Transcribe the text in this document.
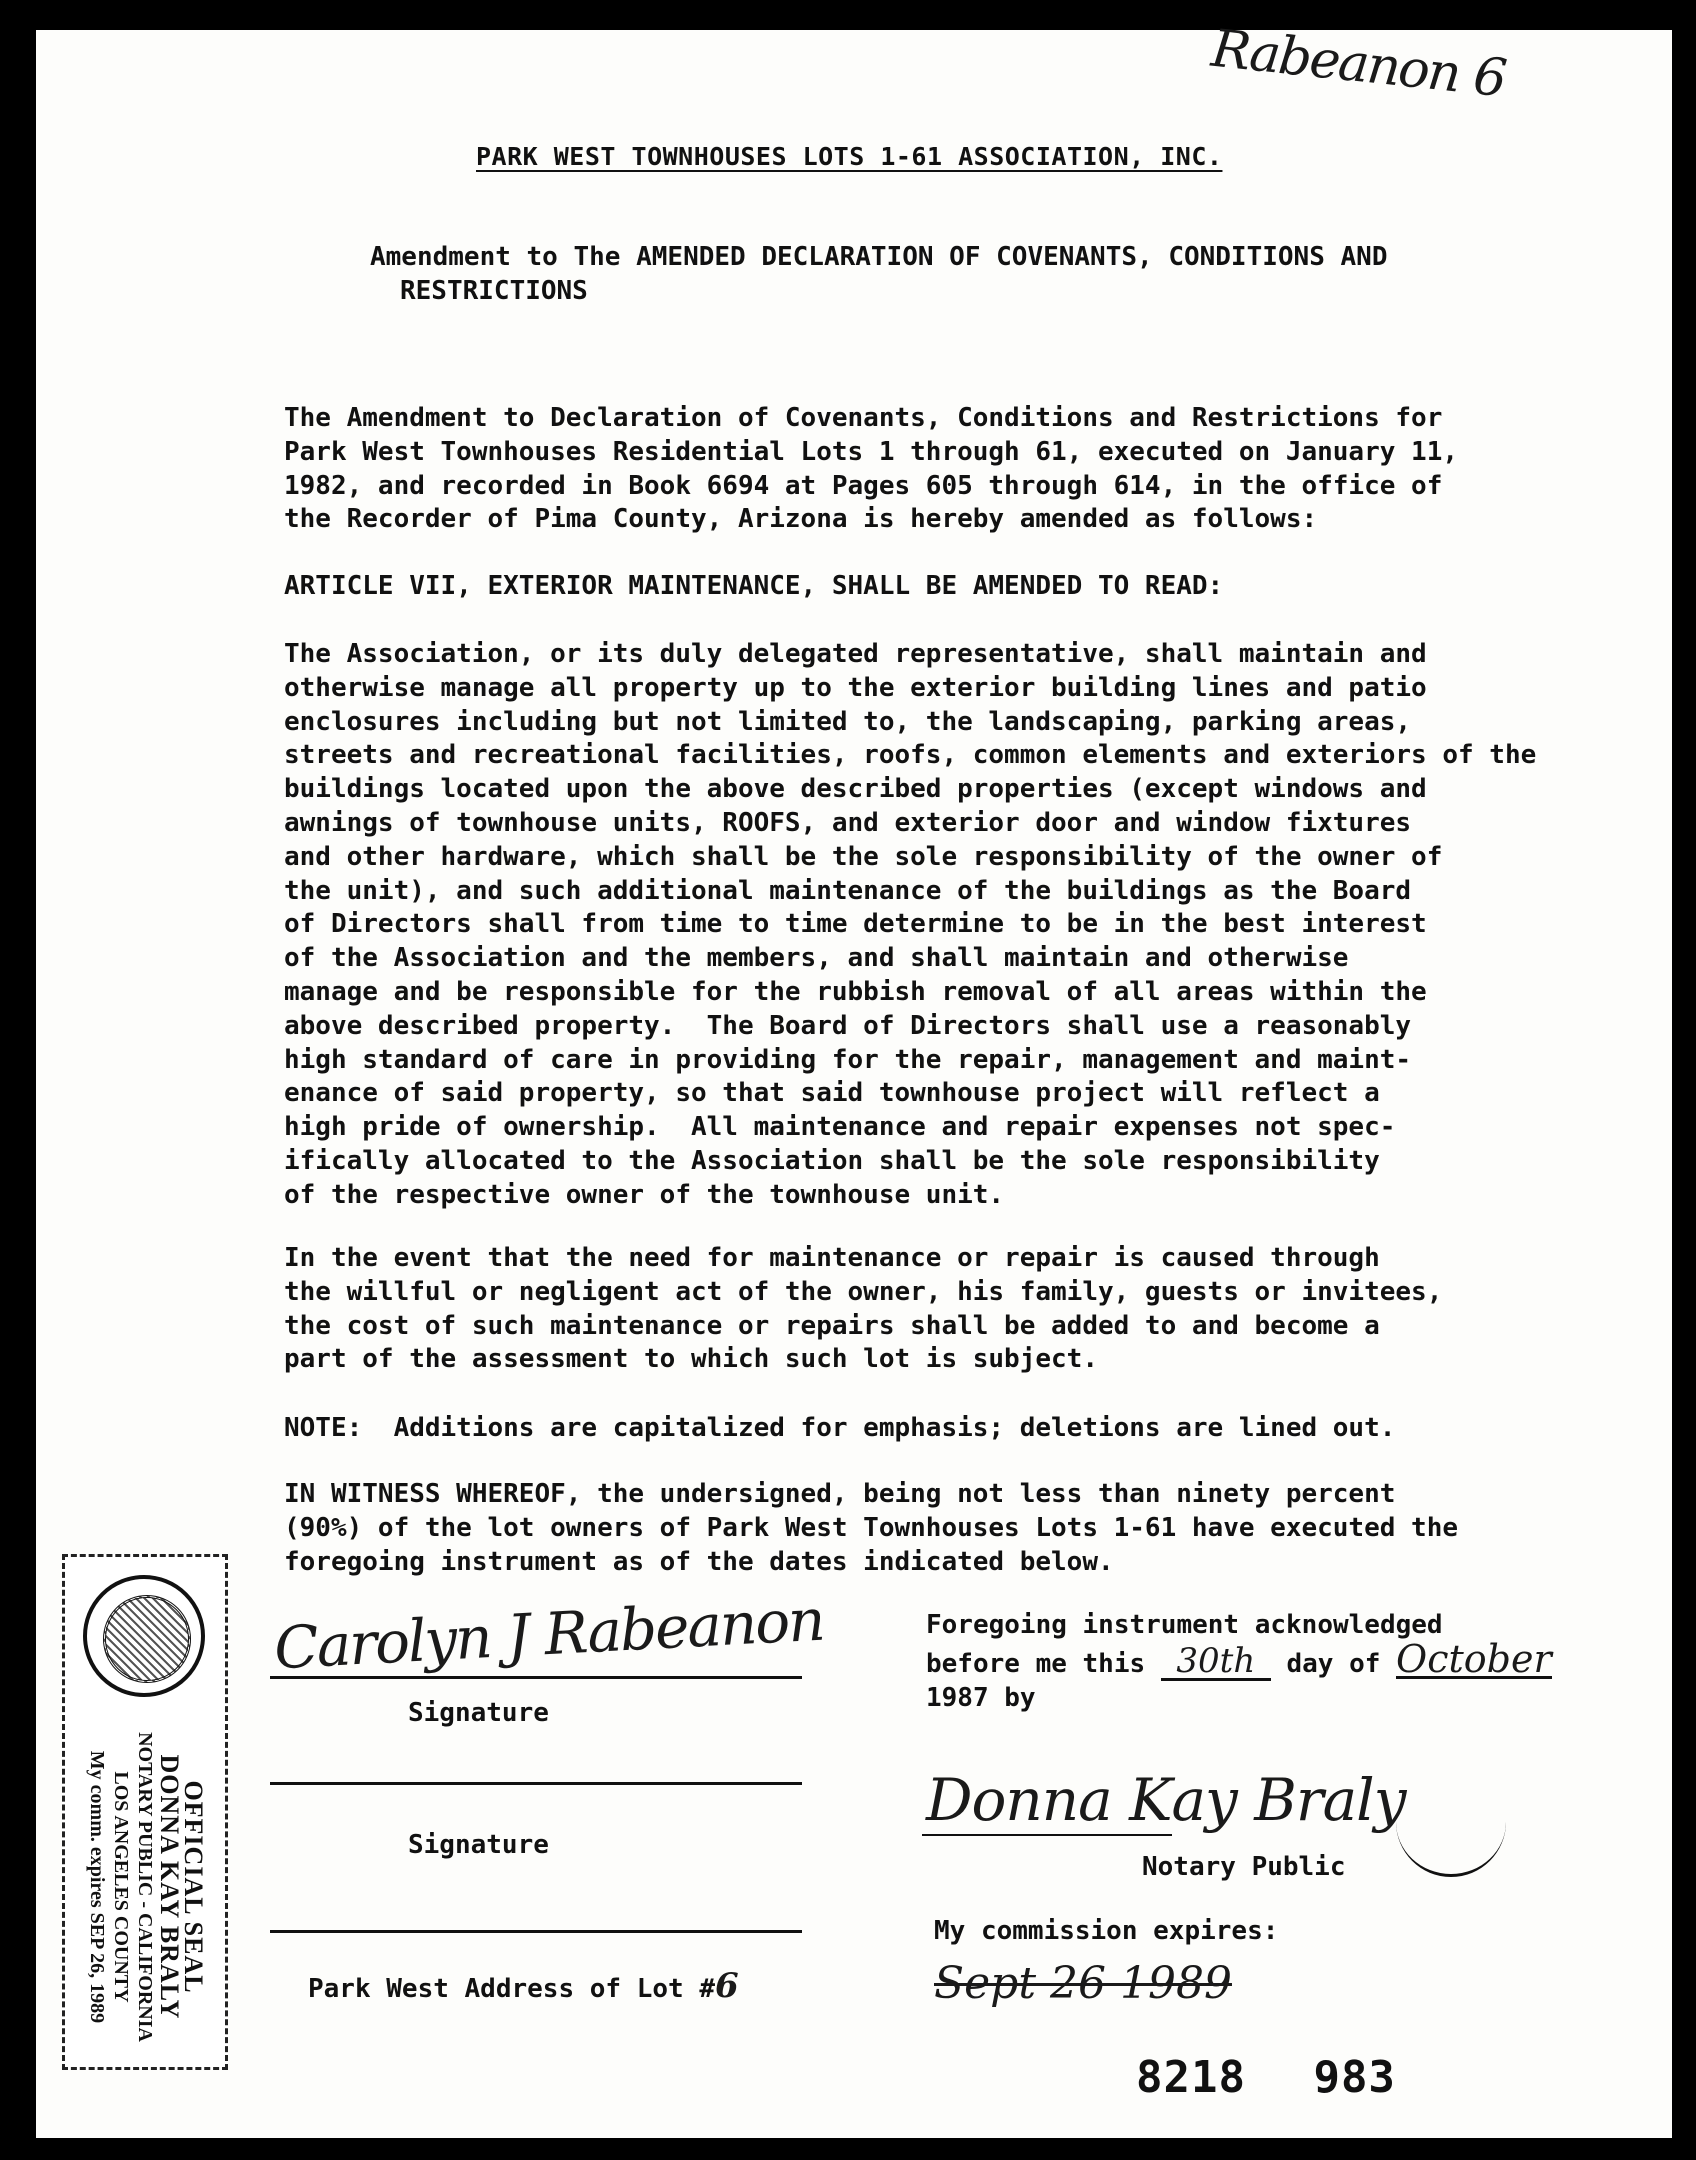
Rabeanon 6
PARK WEST TOWNHOUSES LOTS 1-61 ASSOCIATION, INC.
Amendment to The AMENDED DECLARATION OF COVENANTS, CONDITIONS AND
RESTRICTIONS
The Amendment to Declaration of Covenants, Conditions and Restrictions for
Park West Townhouses Residential Lots 1 through 61, executed on January 11,
1982, and recorded in Book 6694 at Pages 605 through 614, in the office of
the Recorder of Pima County, Arizona is hereby amended as follows:
ARTICLE VII, EXTERIOR MAINTENANCE, SHALL BE AMENDED TO READ:
The Association, or its duly delegated representative, shall maintain and
otherwise manage all property up to the exterior building lines and patio
enclosures including but not limited to, the landscaping, parking areas,
streets and recreational facilities, roofs, common elements and exteriors of the
buildings located upon the above described properties (except windows and
awnings of townhouse units, ROOFS, and exterior door and window fixtures
and other hardware, which shall be the sole responsibility of the owner of
the unit), and such additional maintenance of the buildings as the Board
of Directors shall from time to time determine to be in the best interest
of the Association and the members, and shall maintain and otherwise
manage and be responsible for the rubbish removal of all areas within the
above described property.  The Board of Directors shall use a reasonably
high standard of care in providing for the repair, management and maint-
enance of said property, so that said townhouse project will reflect a
high pride of ownership.  All maintenance and repair expenses not spec-
ifically allocated to the Association shall be the sole responsibility
of the respective owner of the townhouse unit.
In the event that the need for maintenance or repair is caused through
the willful or negligent act of the owner, his family, guests or invitees,
the cost of such maintenance or repairs shall be added to and become a
part of the assessment to which such lot is subject.
NOTE:  Additions are capitalized for emphasis; deletions are lined out.
IN WITNESS WHEREOF, the undersigned, being not less than ninety percent
(90%) of the lot owners of Park West Townhouses Lots 1-61 have executed the
foregoing instrument as of the dates indicated below.
Carolyn J Rabeanon
Signature
Signature
Park West Address of Lot #6
Foregoing instrument acknowledged
before me this 30th day of October
1987 by
Donna Kay Braly
Notary Public
My commission expires:
Sept 26 1989
8218 983
OFFICIAL SEAL
DONNA KAY BRALY
NOTARY PUBLIC - CALIFORNIA
LOS ANGELES COUNTY
My comm. expires SEP 26, 1989
